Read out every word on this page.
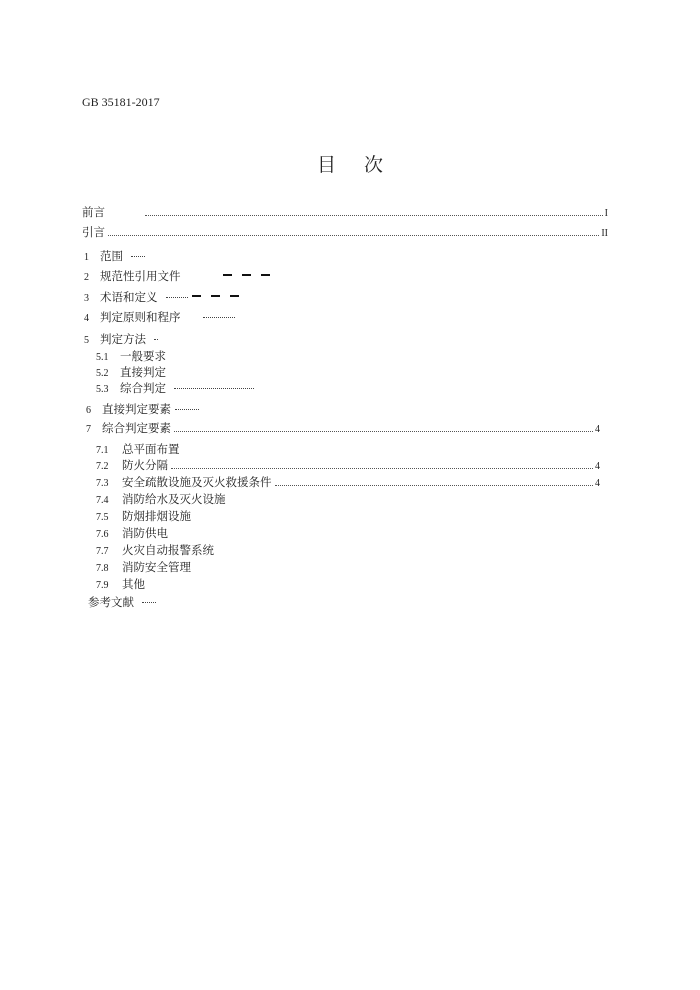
GB 35181-2017
目次
前言	I
引言	II
1 范围
2 规范性引用文件
3 术语和定义
4 判定原则和程序
5 判定方法
5.1	一般要求
5.2	直接判定
5.3	综合判定
6 直接判定要素
7 综合判定要素	4
7.1	总平面布置
7.2	防火分隔	4
7.3	安全疏散设施及灭火救援条件	4
7.4	消防给水及灭火设施
7.5	防烟排烟设施
7.6	消防供电
7.7	火灾自动报警系统
7.8	消防安全管理
7.9	其他
参考文献
